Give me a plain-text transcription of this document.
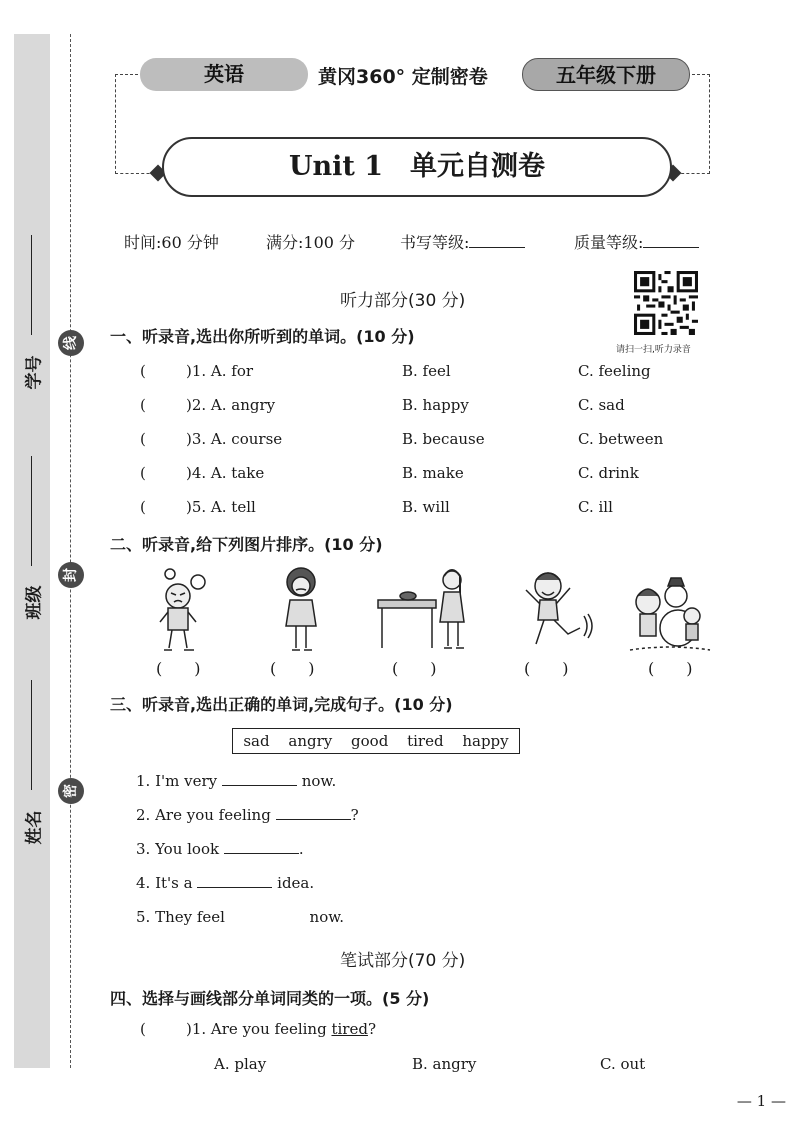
学号
班级
姓名
线
封
密
英语	黄冈360° 定制密卷	五年级下册
Unit 1　单元自测卷
时间:60 分钟	满分:100 分	书写等级:	质量等级:
听力部分(30 分)
请扫一扫,听力录音
一、听录音,选出你所听到的单词。(10 分)
(	)1. A. for	B. feel	C. feeling
(	)2. A. angry	B. happy	C. sad
(	)3. A. course	B. because	C. between
(	)4. A. take	B. make	C. drink
(	)5. A. tell	B. will	C. ill
二、听录音,给下列图片排序。(10 分)
(　　)	(　　)	(　　)	(　　)	(　　)
三、听录音,选出正确的单词,完成句子。(10 分)
sad angry good tired happy
1. I'm very	now.
2. Are you feeling	?
3. You look	.
4. It's a	idea.
5. They feel	now.
笔试部分(70 分)
四、选择与画线部分单词同类的一项。(5 分)
(	)1. Are you feeling tired?
A. play	B. angry	C. out
— 1 —
